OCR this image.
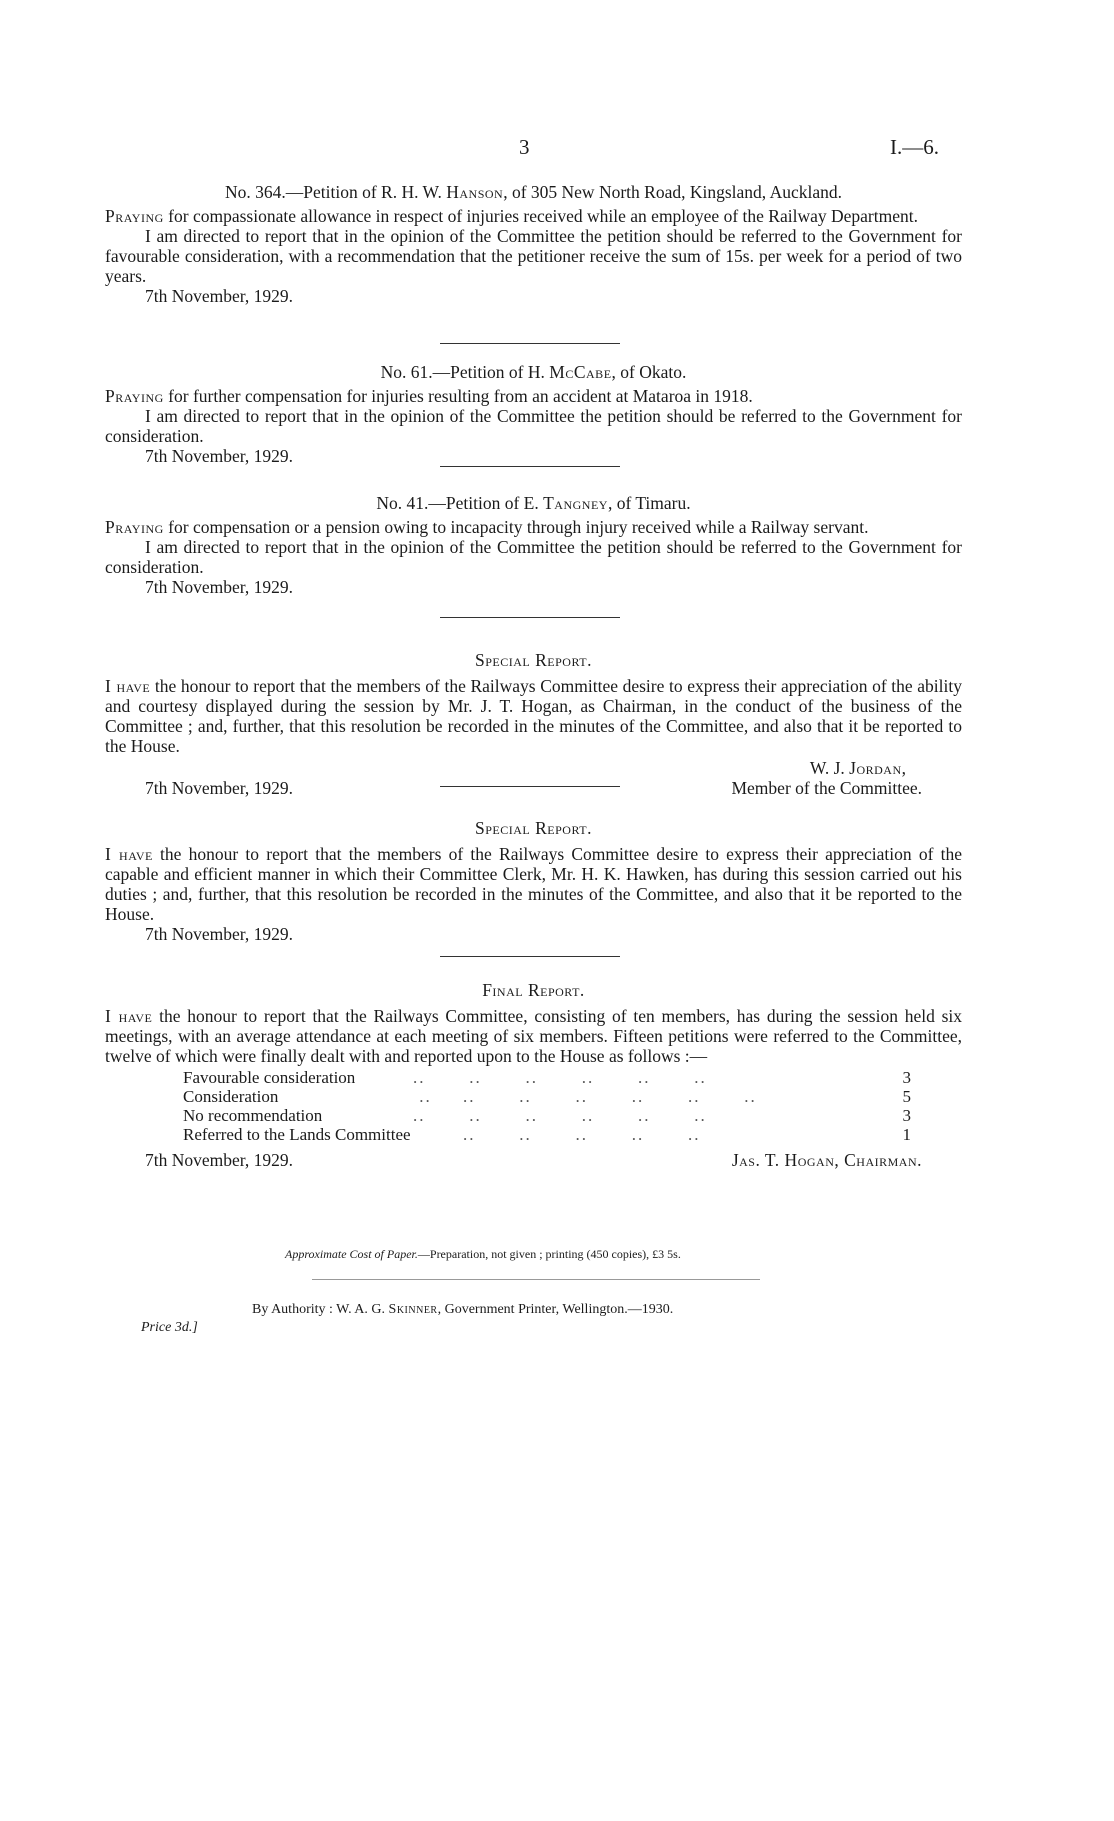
3	I.—6.

No. 364.—Petition of R. H. W. Hanson, of 305 New North Road, Kingsland, Auckland.

Praying for compassionate allowance in respect of injuries received while an employee of the Railway Department.

I am directed to report that in the opinion of the Committee the petition should be referred to the Government for favourable consideration, with a recommendation that the petitioner receive the sum of 15s. per week for a period of two years.

7th November, 1929.

No. 61.—Petition of H. McCabe, of Okato.

Praying for further compensation for injuries resulting from an accident at Mataroa in 1918.

I am directed to report that in the opinion of the Committee the petition should be referred to the Government for consideration.

7th November, 1929.

No. 41.—Petition of E. Tangney, of Timaru.

Praying for compensation or a pension owing to incapacity through injury received while a Railway servant.

I am directed to report that in the opinion of the Committee the petition should be referred to the Government for consideration.

7th November, 1929.

Special Report.

I have the honour to report that the members of the Railways Committee desire to express their appreciation of the ability and courtesy displayed during the session by Mr. J. T. Hogan, as Chairman, in the conduct of the business of the Committee ; and, further, that this resolution be recorded in the minutes of the Committee, and also that it be reported to the House.

W. J. Jordan,

7th November, 1929.	Member of the Committee.

Special Report.

I have the honour to report that the members of the Railways Committee desire to express their appreciation of the capable and efficient manner in which their Committee Clerk, Mr. H. K. Hawken, has during this session carried out his duties ; and, further, that this resolution be recorded in the minutes of the Committee, and also that it be reported to the House.

7th November, 1929.

Final Report.

I have the honour to report that the Railways Committee, consisting of ten members, has during the session held six meetings, with an average attendance at each meeting of six members. Fifteen petitions were referred to the Committee, twelve of which were finally dealt with and reported upon to the House as follows :—

Favourable consideration	..       ..       ..       ..       ..       ..	3
Consideration	..     ..       ..       ..       ..       ..       ..	5
No recommendation	..       ..       ..       ..       ..       ..	3
Referred to the Lands Committee	..       ..       ..       ..       ..	1
7th November, 1929.	Jas. T. Hogan, Chairman.
Approximate Cost of Paper.—Preparation, not given ; printing (450 copies), £3 5s.
By Authority : W. A. G. Skinner, Government Printer, Wellington.—1930.
Price 3d.]
